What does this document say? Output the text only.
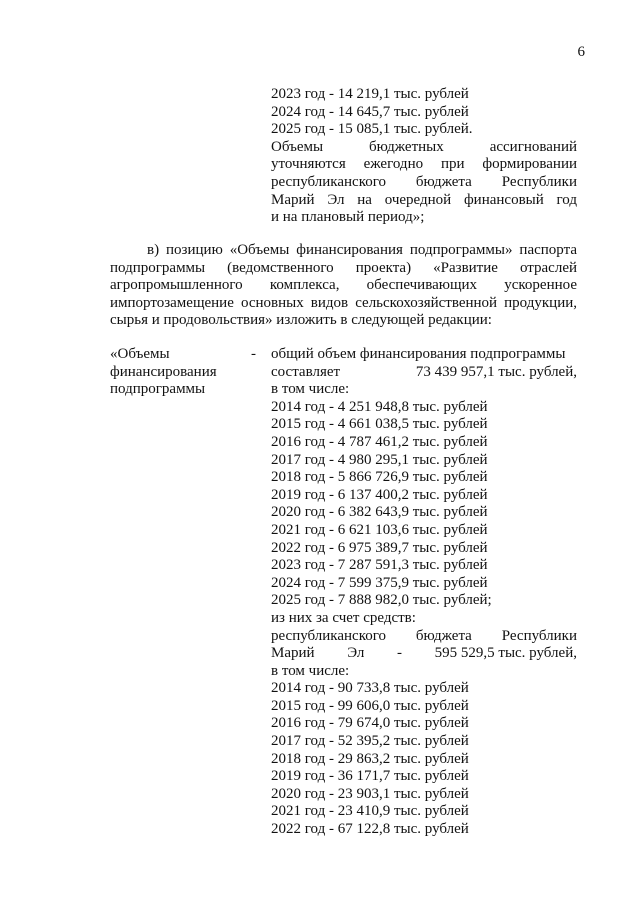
6
2023 год - 14 219,1 тыс. рублей
2024 год - 14 645,7 тыс. рублей
2025 год - 15 085,1 тыс. рублей.
Объемы бюджетных ассигнований
уточняются ежегодно при формировании
республиканского бюджета Республики
Марий Эл на очередной финансовый год
и на плановый период»;
в) позицию «Объемы финансирования подпрограммы» паспорта
подпрограммы (ведомственного проекта) «Развитие отраслей
агропромышленного комплекса, обеспечивающих ускоренное
импортозамещение основных видов сельскохозяйственной продукции,
сырья и продовольствия» изложить в следующей редакции:
«Объемы
финансирования
подпрограммы
- общий объем финансирования подпрограммы
составляет	73 439 957,1 тыс. рублей,
в том числе:
2014 год - 4 251 948,8 тыс. рублей
2015 год - 4 661 038,5 тыс. рублей
2016 год - 4 787 461,2 тыс. рублей
2017 год - 4 980 295,1 тыс. рублей
2018 год - 5 866 726,9 тыс. рублей
2019 год - 6 137 400,2 тыс. рублей
2020 год - 6 382 643,9 тыс. рублей
2021 год - 6 621 103,6 тыс. рублей
2022 год - 6 975 389,7 тыс. рублей
2023 год - 7 287 591,3 тыс. рублей
2024 год - 7 599 375,9 тыс. рублей
2025 год - 7 888 982,0 тыс. рублей;
из них за счет средств:
республиканского бюджета Республики
Марий Эл - 595 529,5 тыс. рублей,
в том числе:
2014 год - 90 733,8 тыс. рублей
2015 год - 99 606,0 тыс. рублей
2016 год - 79 674,0 тыс. рублей
2017 год - 52 395,2 тыс. рублей
2018 год - 29 863,2 тыс. рублей
2019 год - 36 171,7 тыс. рублей
2020 год - 23 903,1 тыс. рублей
2021 год - 23 410,9 тыс. рублей
2022 год - 67 122,8 тыс. рублей
